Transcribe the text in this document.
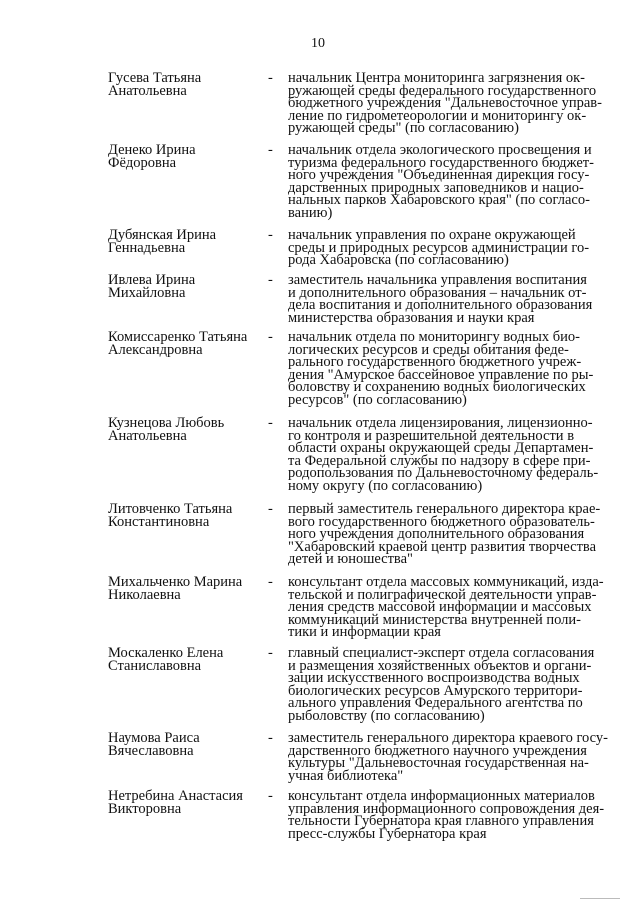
10
Гусева Татьяна
Анатольевна
-	начальник Центра мониторинга загрязнения ок-
ружающей среды федерального государственного
бюджетного учреждения "Дальневосточное управ-
ление по гидрометеорологии и мониторингу ок-
ружающей среды" (по согласованию)
Денеко Ирина
Фёдоровна
-	начальник отдела экологического просвещения и
туризма федерального государственного бюджет-
ного учреждения "Объединенная дирекция госу-
дарственных природных заповедников и нацио-
нальных парков Хабаровского края" (по согласо-
ванию)
Дубянская Ирина
Геннадьевна
-	начальник управления по охране окружающей
среды и природных ресурсов администрации го-
рода Хабаровска (по согласованию)
Ивлева Ирина
Михайловна
-	заместитель начальника управления воспитания
и дополнительного образования – начальник от-
дела воспитания и дополнительного образования
министерства образования и науки края
Комиссаренко Татьяна
Александровна
-	начальник отдела по мониторингу водных био-
логических ресурсов и среды обитания феде-
рального государственного бюджетного учреж-
дения "Амурское бассейновое управление по ры-
боловству и сохранению водных биологических
ресурсов" (по согласованию)
Кузнецова Любовь
Анатольевна
-	начальник отдела лицензирования, лицензионно-
го контроля и разрешительной деятельности в
области охраны окружающей среды Департамен-
та Федеральной службы по надзору в сфере при-
родопользования по Дальневосточному федераль-
ному округу (по согласованию)
Литовченко Татьяна
Константиновна
-	первый заместитель генерального директора крае-
вого государственного бюджетного образователь-
ного учреждения дополнительного образования
"Хабаровский краевой центр развития творчества
детей и юношества"
Михальченко Марина
Николаевна
-	консультант отдела массовых коммуникаций, изда-
тельской и полиграфической деятельности управ-
ления средств массовой информации и массовых
коммуникаций министерства внутренней поли-
тики и информации края
Москаленко Елена
Станиславовна
-	главный специалист-эксперт отдела согласования
и размещения хозяйственных объектов и органи-
зации искусственного воспроизводства водных
биологических ресурсов Амурского территори-
ального управления Федерального агентства по
рыболовству (по согласованию)
Наумова Раиса
Вячеславовна
-	заместитель генерального директора краевого госу-
дарственного бюджетного научного учреждения
культуры "Дальневосточная государственная на-
учная библиотека"
Нетребина Анастасия
Викторовна
-	консультант отдела информационных материалов
управления информационного сопровождения дея-
тельности Губернатора края главного управления
пресс-службы Губернатора края
